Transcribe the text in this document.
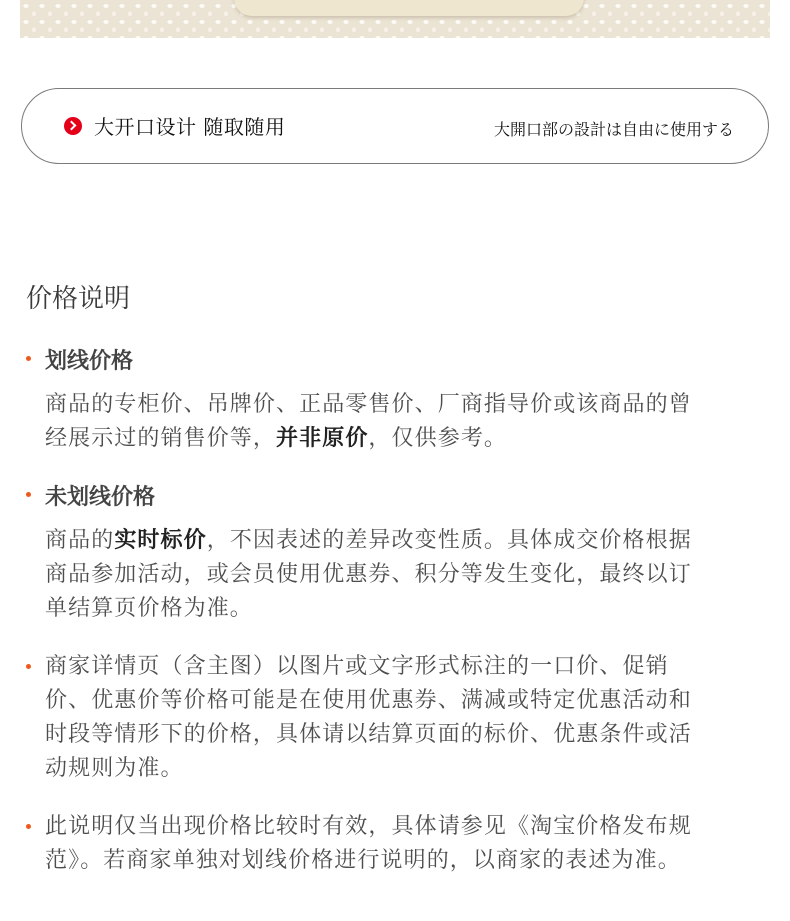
大开口设计 随取随用	大開口部の設計は自由に使用する
价格说明
划线价格
商品的专柜价、吊牌价、正品零售价、厂商指导价或该商品的曾
经展示过的销售价等，并非原价，仅供参考。
未划线价格
商品的实时标价，不因表述的差异改变性质。具体成交价格根据
商品参加活动，或会员使用优惠券、积分等发生变化，最终以订
单结算页价格为准。
商家详情页（含主图）以图片或文字形式标注的一口价、促销
价、优惠价等价格可能是在使用优惠券、满减或特定优惠活动和
时段等情形下的价格，具体请以结算页面的标价、优惠条件或活
动规则为准。
此说明仅当出现价格比较时有效，具体请参见《淘宝价格发布规
范》。若商家单独对划线价格进行说明的，以商家的表述为准。
